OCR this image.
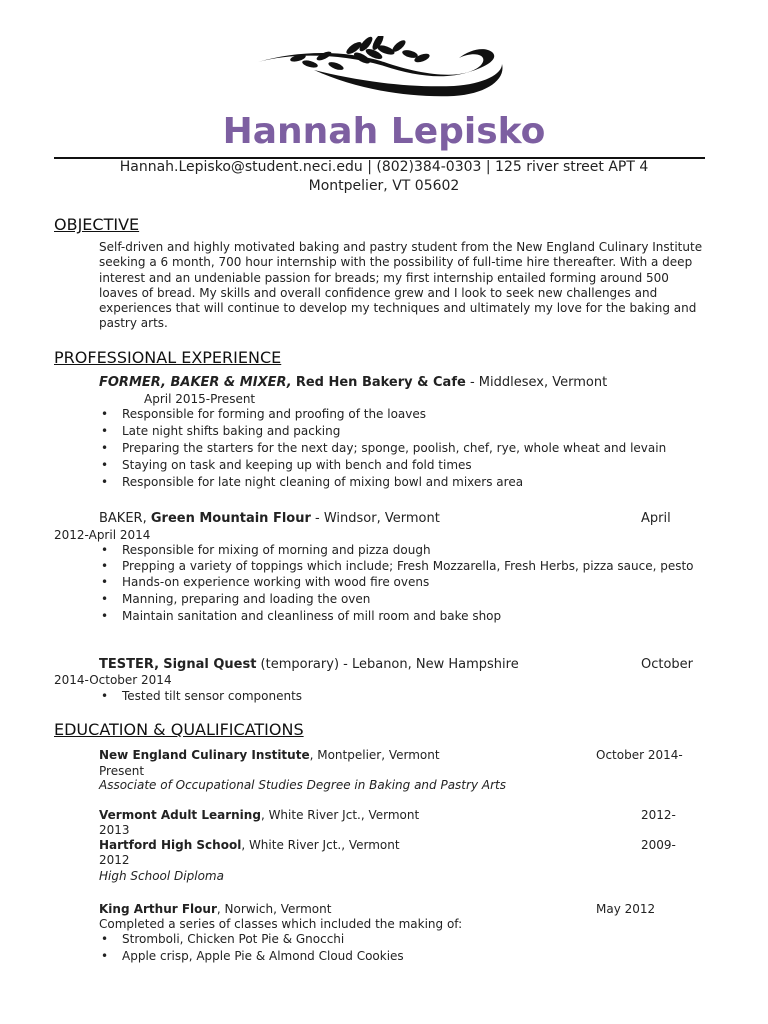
Hannah Lepisko
Hannah.Lepisko@student.neci.edu | (802)384-0303 | 125 river street APT 4
Montpelier, VT 05602
OBJECTIVE

Self-driven and highly motivated baking and pastry student from the New England Culinary Institute seeking a 6 month, 700 hour internship with the possibility of full-time hire thereafter. With a deep interest and an undeniable passion for breads; my first internship entailed forming around 500 loaves of bread. My skills and overall confidence grew and I look to seek new challenges and experiences that will continue to develop my techniques and ultimately my love for the baking and pastry arts.

PROFESSIONAL EXPERIENCE
FORMER, BAKER & MIXER, Red Hen Bakery & Cafe - Middlesex, Vermont
April 2015-Present
• Responsible for forming and proofing of the loaves
• Late night shifts baking and packing
• Preparing the starters for the next day; sponge, poolish, chef, rye, whole wheat and levain
• Staying on task and keeping up with bench and fold times
• Responsible for late night cleaning of mixing bowl and mixers area
BAKER, Green Mountain Flour - Windsor, Vermont	April
2012-April 2014
• Responsible for mixing of morning and pizza dough
• Prepping a variety of toppings which include; Fresh Mozzarella, Fresh Herbs, pizza sauce, pesto
• Hands-on experience working with wood fire ovens
• Manning, preparing and loading the oven
• Maintain sanitation and cleanliness of mill room and bake shop
TESTER, Signal Quest (temporary) - Lebanon, New Hampshire	October
2014-October 2014
• Tested tilt sensor components
EDUCATION & QUALIFICATIONS
New England Culinary Institute, Montpelier, Vermont	October 2014-
Present
Associate of Occupational Studies Degree in Baking and Pastry Arts
Vermont Adult Learning, White River Jct., Vermont	2012-
2013
Hartford High School, White River Jct., Vermont	2009-
2012
High School Diploma
King Arthur Flour, Norwich, Vermont	May 2012
Completed a series of classes which included the making of:
• Stromboli, Chicken Pot Pie & Gnocchi
• Apple crisp, Apple Pie & Almond Cloud Cookies
